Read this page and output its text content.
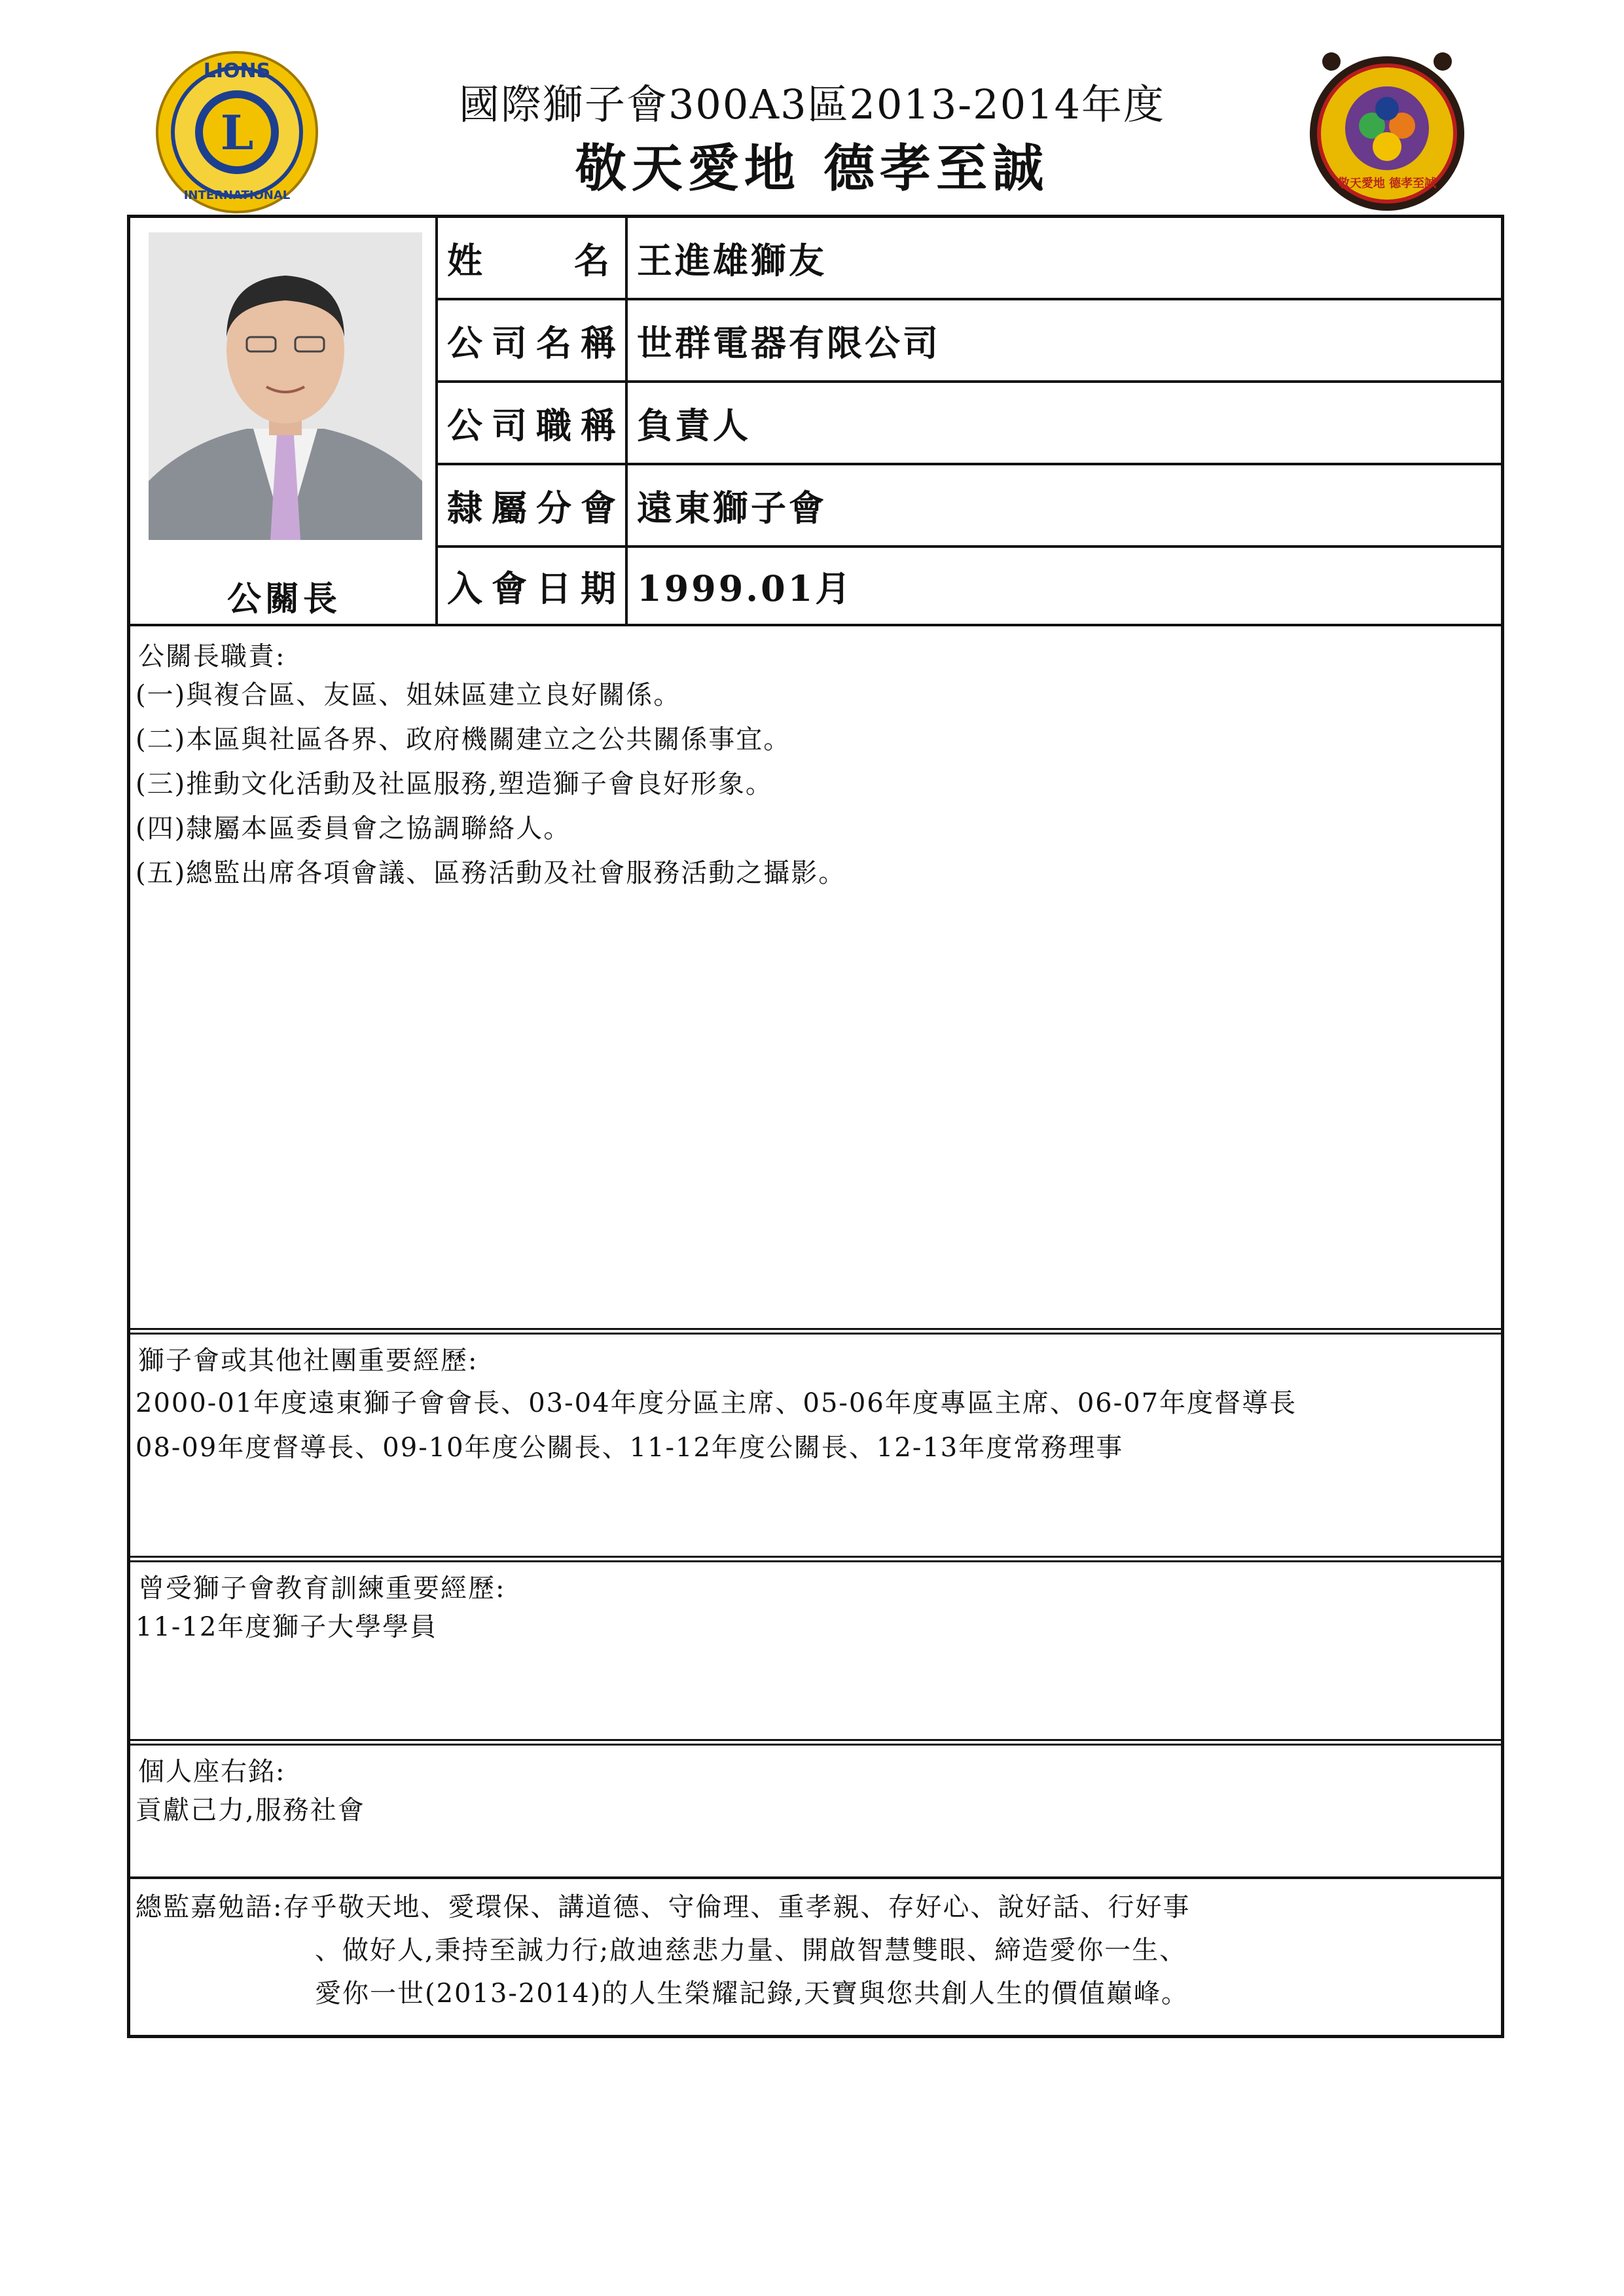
L
LIONS
INTERNATIONAL
國際獅子會300A3區2013-2014年度
敬天愛地 德孝至誠	敬天愛地 德孝至誠
公關長
姓 名 王進雄獅友
公司名稱 世群電器有限公司
公司職稱 負責人
隸屬分會 遠東獅子會
入會日期 1999.01月
公關長職責:
(一)與複合區、友區、姐妹區建立良好關係。
(二)本區與社區各界、政府機關建立之公共關係事宜。
(三)推動文化活動及社區服務,塑造獅子會良好形象。
(四)隸屬本區委員會之協調聯絡人。
(五)總監出席各項會議、區務活動及社會服務活動之攝影。
獅子會或其他社團重要經歷:
2000-01年度遠東獅子會會長、03-04年度分區主席、05-06年度專區主席、06-07年度督導長
08-09年度督導長、09-10年度公關長、11-12年度公關長、12-13年度常務理事
曾受獅子會教育訓練重要經歷:
11-12年度獅子大學學員
個人座右銘:
貢獻己力,服務社會
總監嘉勉語:存乎敬天地、愛環保、講道德、守倫理、重孝親、存好心、說好話、行好事
、做好人,秉持至誠力行;啟迪慈悲力量、開啟智慧雙眼、締造愛你一生、
愛你一世(2013-2014)的人生榮耀記錄,天寶與您共創人生的價值巔峰。
